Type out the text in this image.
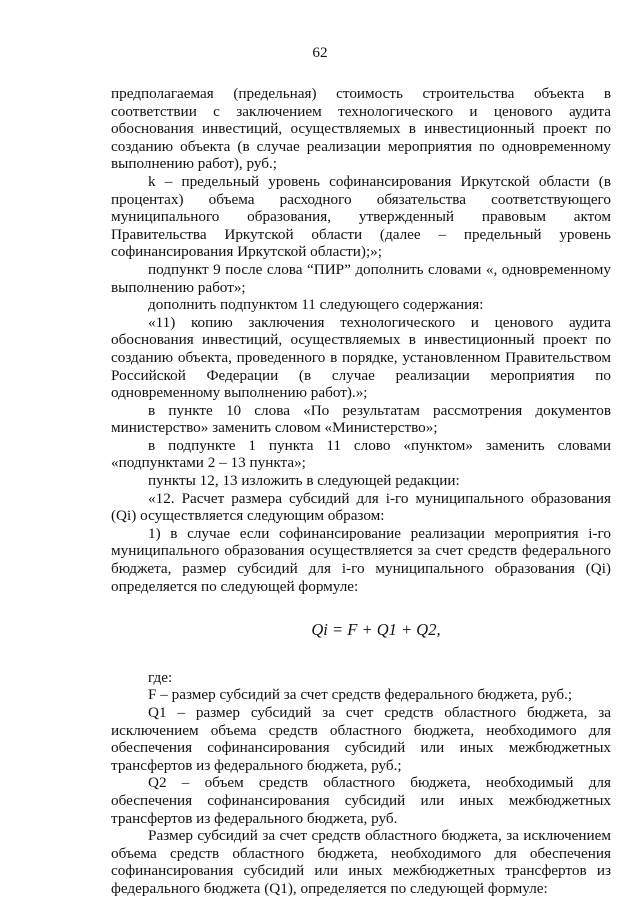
62

предполагаемая (предельная) стоимость строительства объекта в соответствии с заключением технологического и ценового аудита обоснования инвестиций, осуществляемых в инвестиционный проект по созданию объекта (в случае реализации мероприятия по одновременному выполнению работ), руб.;

k – предельный уровень софинансирования Иркутской области (в процентах) объема расходного обязательства соответствующего муниципального образования, утвержденный правовым актом Правительства Иркутской области (далее – предельный уровень софинансирования Иркутской области);»;

подпункт 9 после слова “ПИР” дополнить словами «, одновременному выполнению работ»;

дополнить подпунктом 11 следующего содержания:

«11) копию заключения технологического и ценового аудита обоснования инвестиций, осуществляемых в инвестиционный проект по созданию объекта, проведенного в порядке, установленном Правительством Российской Федерации (в случае реализации мероприятия по одновременному выполнению работ).»;

в пункте 10 слова «По результатам рассмотрения документов министерство» заменить словом «Министерство»;

в подпункте 1 пункта 11 слово «пунктом» заменить словами «подпунктами 2 – 13 пункта»;

пункты 12, 13 изложить в следующей редакции:

«12. Расчет размера субсидий для i-го муниципального образования (Qi) осуществляется следующим образом:

1) в случае если софинансирование реализации мероприятия i-го муниципального образования осуществляется за счет средств федерального бюджета, размер субсидий для i-го муниципального образования (Qi) определяется по следующей формуле:

Qi = F + Q1 + Q2,

где:

F – размер субсидий за счет средств федерального бюджета, руб.;

Q1 – размер субсидий за счет средств областного бюджета, за исключением объема средств областного бюджета, необходимого для обеспечения софинансирования субсидий или иных межбюджетных трансфертов из федерального бюджета, руб.;

Q2 – объем средств областного бюджета, необходимый для обеспечения софинансирования субсидий или иных межбюджетных трансфертов из федерального бюджета, руб.

Размер субсидий за счет средств областного бюджета, за исключением объема средств областного бюджета, необходимого для обеспечения софинансирования субсидий или иных межбюджетных трансфертов из федерального бюджета (Q1), определяется по следующей формуле:
